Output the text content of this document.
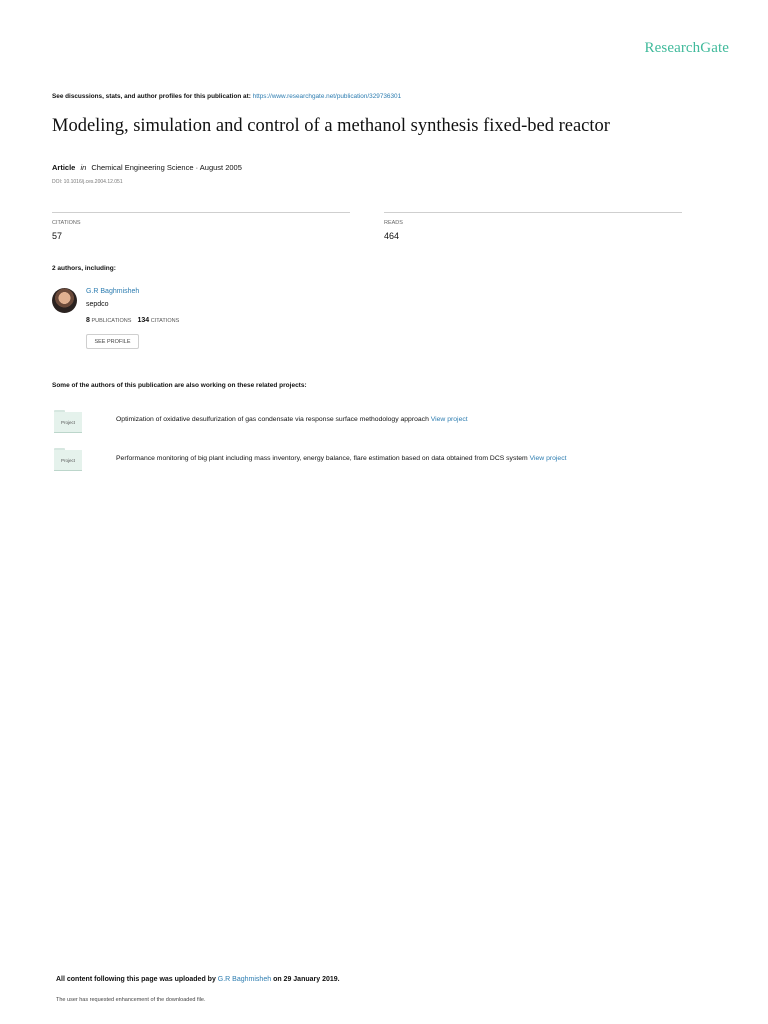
ResearchGate
See discussions, stats, and author profiles for this publication at: https://www.researchgate.net/publication/329736301
Modeling, simulation and control of a methanol synthesis fixed-bed reactor
Article in Chemical Engineering Science · August 2005
DOI: 10.1016/j.ces.2004.12.051
CITATIONS
57
READS
464
2 authors, including:
G.R Baghmisheh
sepdco
8 PUBLICATIONS 134 CITATIONS
SEE PROFILE
Some of the authors of this publication are also working on these related projects:
Project	Optimization of oxidative desulfurization of gas condensate via response surface methodology approach View project
Project	Performance monitoring of big plant including mass inventory, energy balance, flare estimation based on data obtained from DCS system View project
All content following this page was uploaded by G.R Baghmisheh on 29 January 2019.
The user has requested enhancement of the downloaded file.
